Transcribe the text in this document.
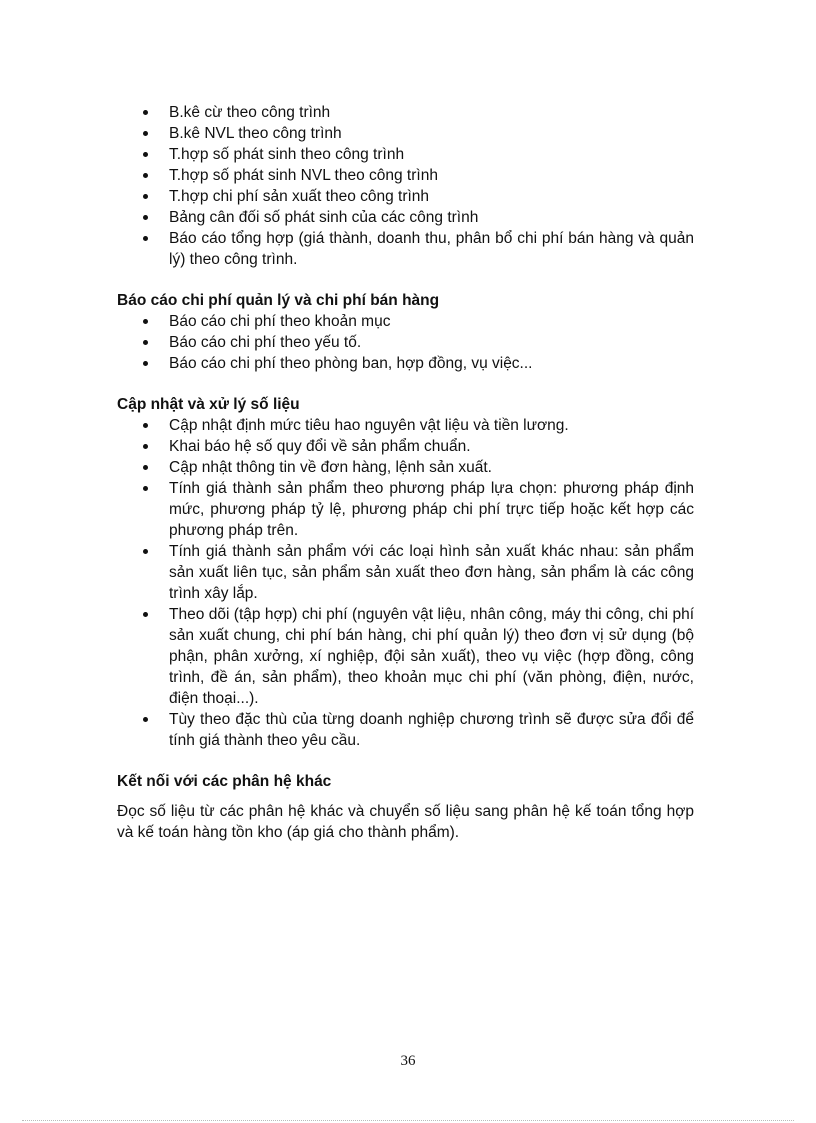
B.kê cừ theo công trình
B.kê NVL theo công trình
T.hợp số phát sinh theo công trình
T.hợp số phát sinh NVL theo công trình
T.hợp chi phí sản xuất theo công trình
Bảng cân đối số phát sinh của các công trình
Báo cáo tổng hợp (giá thành, doanh thu, phân bổ chi phí bán hàng và quản lý) theo công trình.
Báo cáo chi phí quản lý và chi phí bán hàng
Báo cáo chi phí theo khoản mục
Báo cáo chi phí theo yếu tố.
Báo cáo chi phí theo phòng ban, hợp đồng, vụ việc...
Cập nhật và xử lý số liệu
Cập nhật định mức tiêu hao nguyên vật liệu và tiền lương.
Khai báo hệ số quy đổi về sản phẩm chuẩn.
Cập nhật thông tin về đơn hàng, lệnh sản xuất.
Tính giá thành sản phẩm theo phương pháp lựa chọn: phương pháp định mức, phương pháp tỷ lệ, phương pháp chi phí trực tiếp hoặc kết hợp các phương pháp trên.
Tính giá thành sản phẩm với các loại hình sản xuất khác nhau: sản phẩm sản xuất liên tục, sản phẩm sản xuất theo đơn hàng, sản phẩm là các công trình xây lắp.
Theo dõi (tập hợp) chi phí (nguyên vật liệu, nhân công, máy thi công, chi phí sản xuất chung, chi phí bán hàng, chi phí quản lý) theo đơn vị sử dụng (bộ phận, phân xưởng, xí nghiệp, đội sản xuất), theo vụ việc (hợp đồng, công trình, đề án, sản phẩm), theo khoản mục chi phí (văn phòng, điện, nước, điện thoại...).
Tùy theo đặc thù của từng doanh nghiệp chương trình sẽ được sửa đổi để tính giá thành theo yêu cầu.
Kết nối với các phân hệ khác

Đọc số liệu từ các phân hệ khác và chuyển số liệu sang phân hệ kế toán tổng hợp và kế toán hàng tồn kho (áp giá cho thành phẩm).

36
